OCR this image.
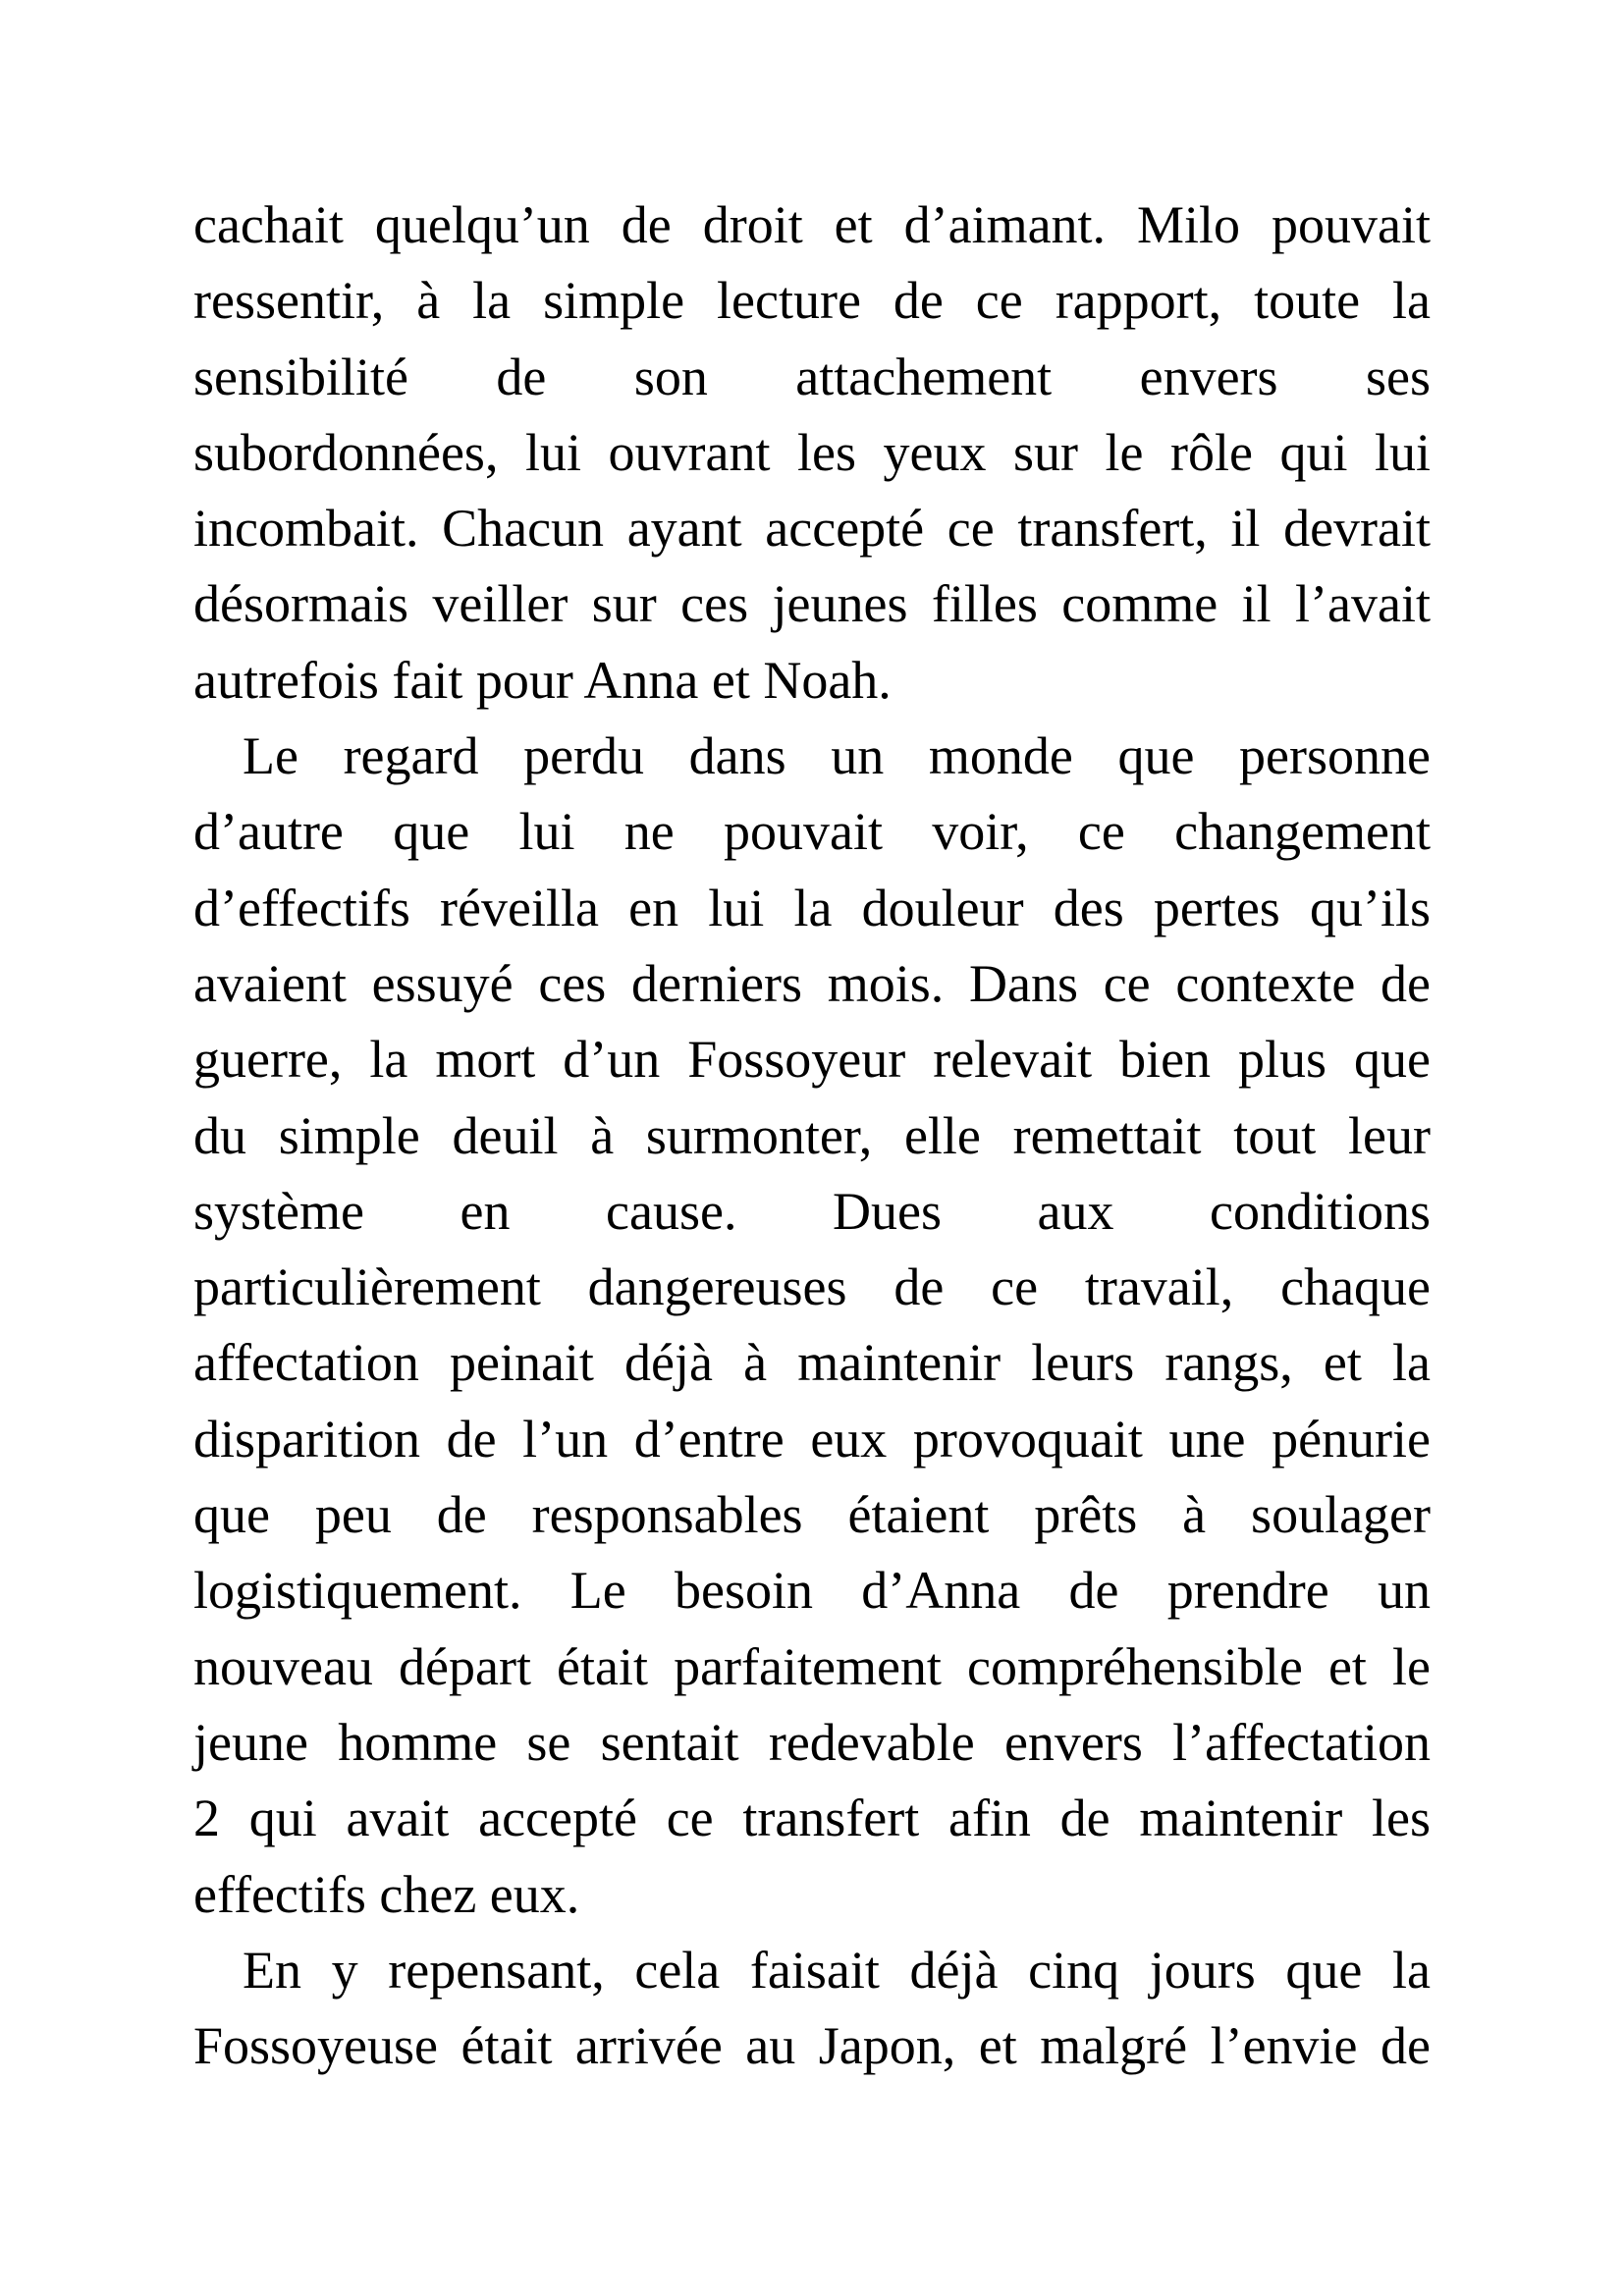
cachait quelqu’un de droit et d’aimant. Milo pouvait
ressentir, à la simple lecture de ce rapport, toute la
sensibilité de son attachement envers ses
subordonnées, lui ouvrant les yeux sur le rôle qui lui
incombait. Chacun ayant accepté ce transfert, il devrait
désormais veiller sur ces jeunes filles comme il l’avait
autrefois fait pour Anna et Noah.
Le regard perdu dans un monde que personne
d’autre que lui ne pouvait voir, ce changement
d’effectifs réveilla en lui la douleur des pertes qu’ils
avaient essuyé ces derniers mois. Dans ce contexte de
guerre, la mort d’un Fossoyeur relevait bien plus que
du simple deuil à surmonter, elle remettait tout leur
système en cause. Dues aux conditions
particulièrement dangereuses de ce travail, chaque
affectation peinait déjà à maintenir leurs rangs, et la
disparition de l’un d’entre eux provoquait une pénurie
que peu de responsables étaient prêts à soulager
logistiquement. Le besoin d’Anna de prendre un
nouveau départ était parfaitement compréhensible et le
jeune homme se sentait redevable envers l’affectation
2 qui avait accepté ce transfert afin de maintenir les
effectifs chez eux.
En y repensant, cela faisait déjà cinq jours que la
Fossoyeuse était arrivée au Japon, et malgré l’envie de
